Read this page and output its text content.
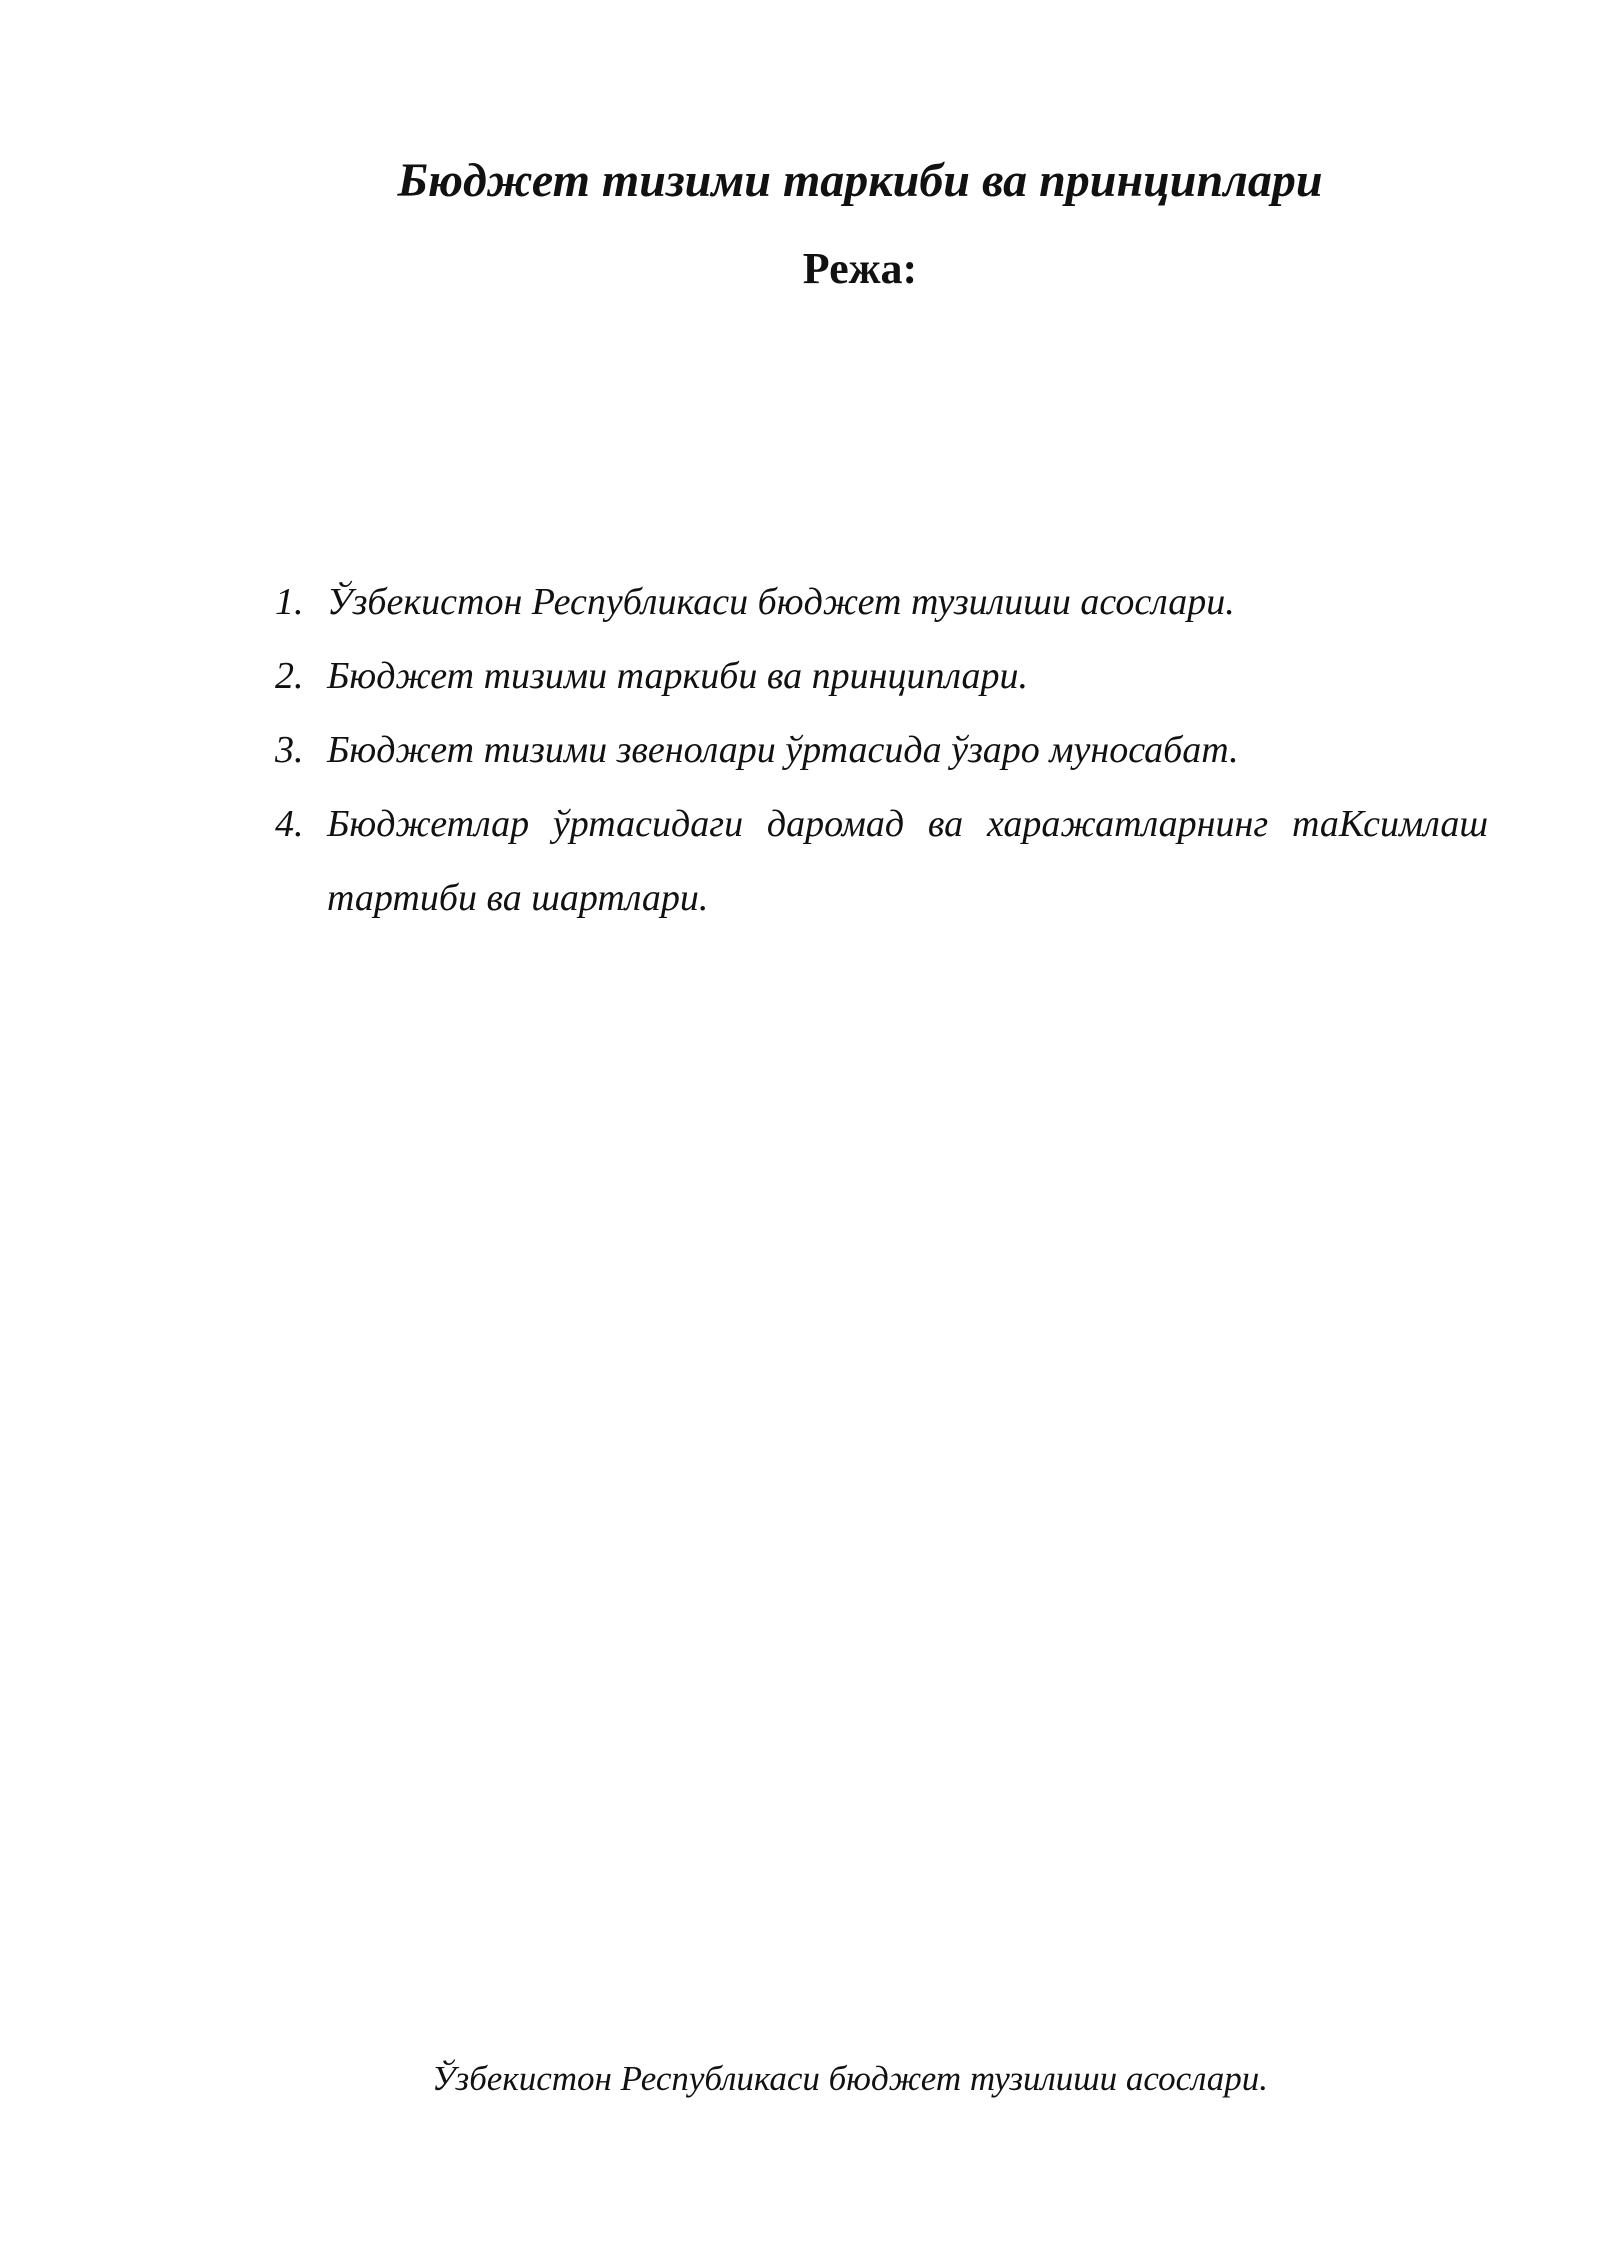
Бюджет тизими таркиби ва принциплари
Режа:
1. Ўзбекистон Республикаси бюджет тузилиши асослари.
2. Бюджет тизими таркиби ва принциплари.
3. Бюджет тизими звенолари ўртасида ўзаро муносабат.
4. Бюджетлар ўртасидаги даромад ва харажатларнинг таКсимлаш тартиби ва шартлари.
Ўзбекистон Республикаси бюджет тузилиши асослари.
